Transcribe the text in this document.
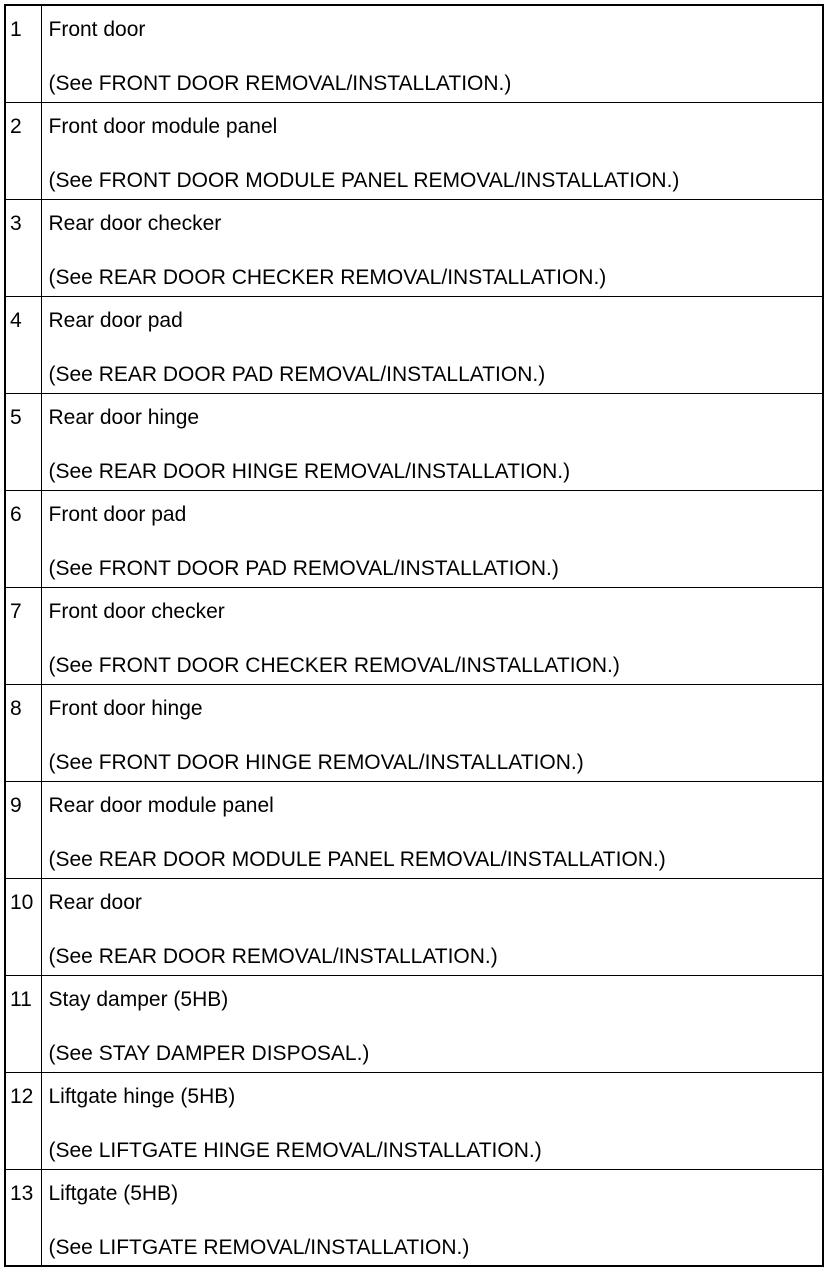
1	Front door
(See FRONT DOOR REMOVAL/INSTALLATION.)

2	Front door module panel
(See FRONT DOOR MODULE PANEL REMOVAL/INSTALLATION.)

3	Rear door checker
(See REAR DOOR CHECKER REMOVAL/INSTALLATION.)

4	Rear door pad
(See REAR DOOR PAD REMOVAL/INSTALLATION.)

5	Rear door hinge
(See REAR DOOR HINGE REMOVAL/INSTALLATION.)

6	Front door pad
(See FRONT DOOR PAD REMOVAL/INSTALLATION.)

7	Front door checker
(See FRONT DOOR CHECKER REMOVAL/INSTALLATION.)

8	Front door hinge
(See FRONT DOOR HINGE REMOVAL/INSTALLATION.)

9	Rear door module panel
(See REAR DOOR MODULE PANEL REMOVAL/INSTALLATION.)

10	Rear door
(See REAR DOOR REMOVAL/INSTALLATION.)

11	Stay damper (5HB)
(See STAY DAMPER DISPOSAL.)

12	Liftgate hinge (5HB)
(See LIFTGATE HINGE REMOVAL/INSTALLATION.)

13	Liftgate (5HB)
(See LIFTGATE REMOVAL/INSTALLATION.)
